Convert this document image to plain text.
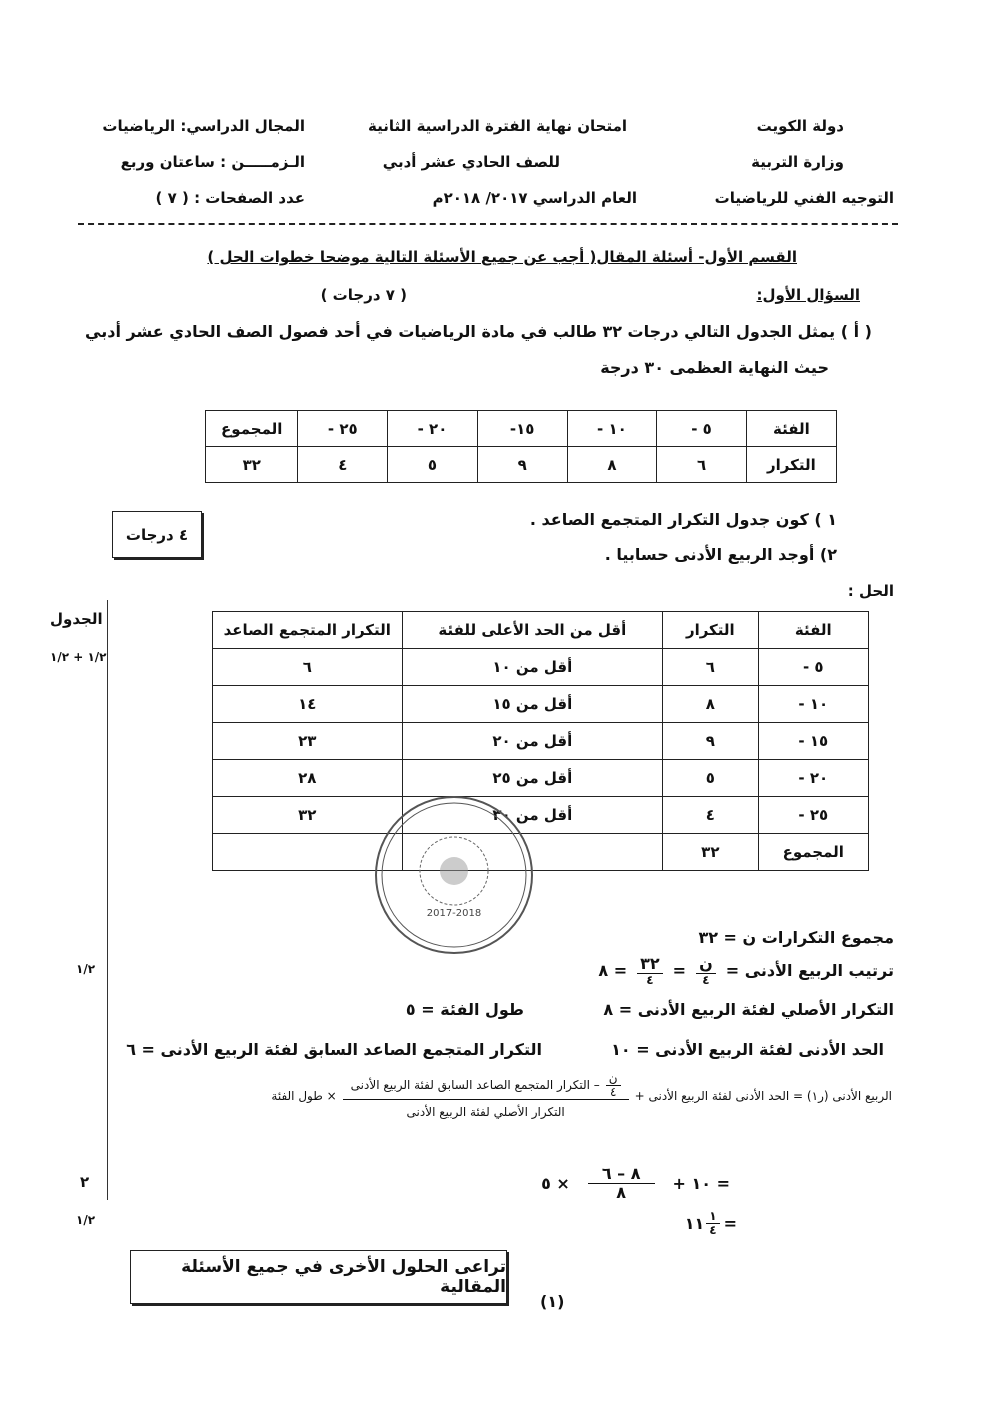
دولة الكويت
وزارة التربية
التوجيه الفني للرياضيات
امتحان نهاية الفترة الدراسية الثانية
للصف الحادي عشر أدبي
العام الدراسي ٢٠١٧/ ٢٠١٨م
المجال الدراسي: الرياضيات
الـزمـــــن : ساعتان وربع
عدد الصفحات : ( ٧ )
القسم الأول- أسئلة المقال( أجب عن جميع الأسئلة التالية موضحا خطوات الحل )
السؤال الأول:
( ٧ درجات )
( أ ) يمثل الجدول التالي درجات ٣٢ طالب في مادة الرياضيات في أحد فصول الصف الحادي عشر أدبي
حيث النهاية العظمى ٣٠ درجة
الفئة	٥ -	١٠ -	١٥-	٢٠ -	٢٥ -	المجموع
التكرار	٦	٨	٩	٥	٤	٣٢
١ ) كون جدول التكرار المتجمع الصاعد .
٢) أوجد الربيع الأدنى حسابيا .
٤ درجات
الحل :
الجدول
١/٢ + ١/٢
١/٢
٢
١/٢
الفئة	التكرار	أقل من الحد الأعلى للفئة	التكرار المتجمع الصاعد
٥ -	٦	أقل من ١٠	٦
١٠ -	٨	أقل من ١٥	١٤
١٥ -	٩	أقل من ٢٠	٢٣
٢٠ -	٥	أقل من ٢٥	٢٨
٢٥ -	٤	أقل من ٣٠	٣٢
المجموع	٣٢		
2017-2018
مجموع التكرارات ن = ٣٢
ترتيب الربيع الأدنى =
$\frac{\text{ن}}{٤}$
=
$\frac{٣٢}{٤}$
= ٨
التكرار الأصلي لفئة الربيع الأدنى = ٨
طول الفئة = ٥
الحد الأدنى لفئة الربيع الأدنى = ١٠
التكرار المتجمع الصاعد السابق لفئة الربيع الأدنى = ٦
الربيع الأدنى (ر١) = الحد الأدنى لفئة الربيع الأدنى +
$\frac{\text{ن}}{٤}$
– التكرار المتجمع الصاعد السابق لفئة الربيع الأدنى
التكرار الأصلي لفئة الربيع الأدنى
× طول الفئة
= ١٠ +
$\frac{٨ - ٦}{٨}$
× ٥
=
١١ $\frac{١}{٤}$
تراعى الحلول الأخرى في جميع الأسئلة المقالية
(١)
